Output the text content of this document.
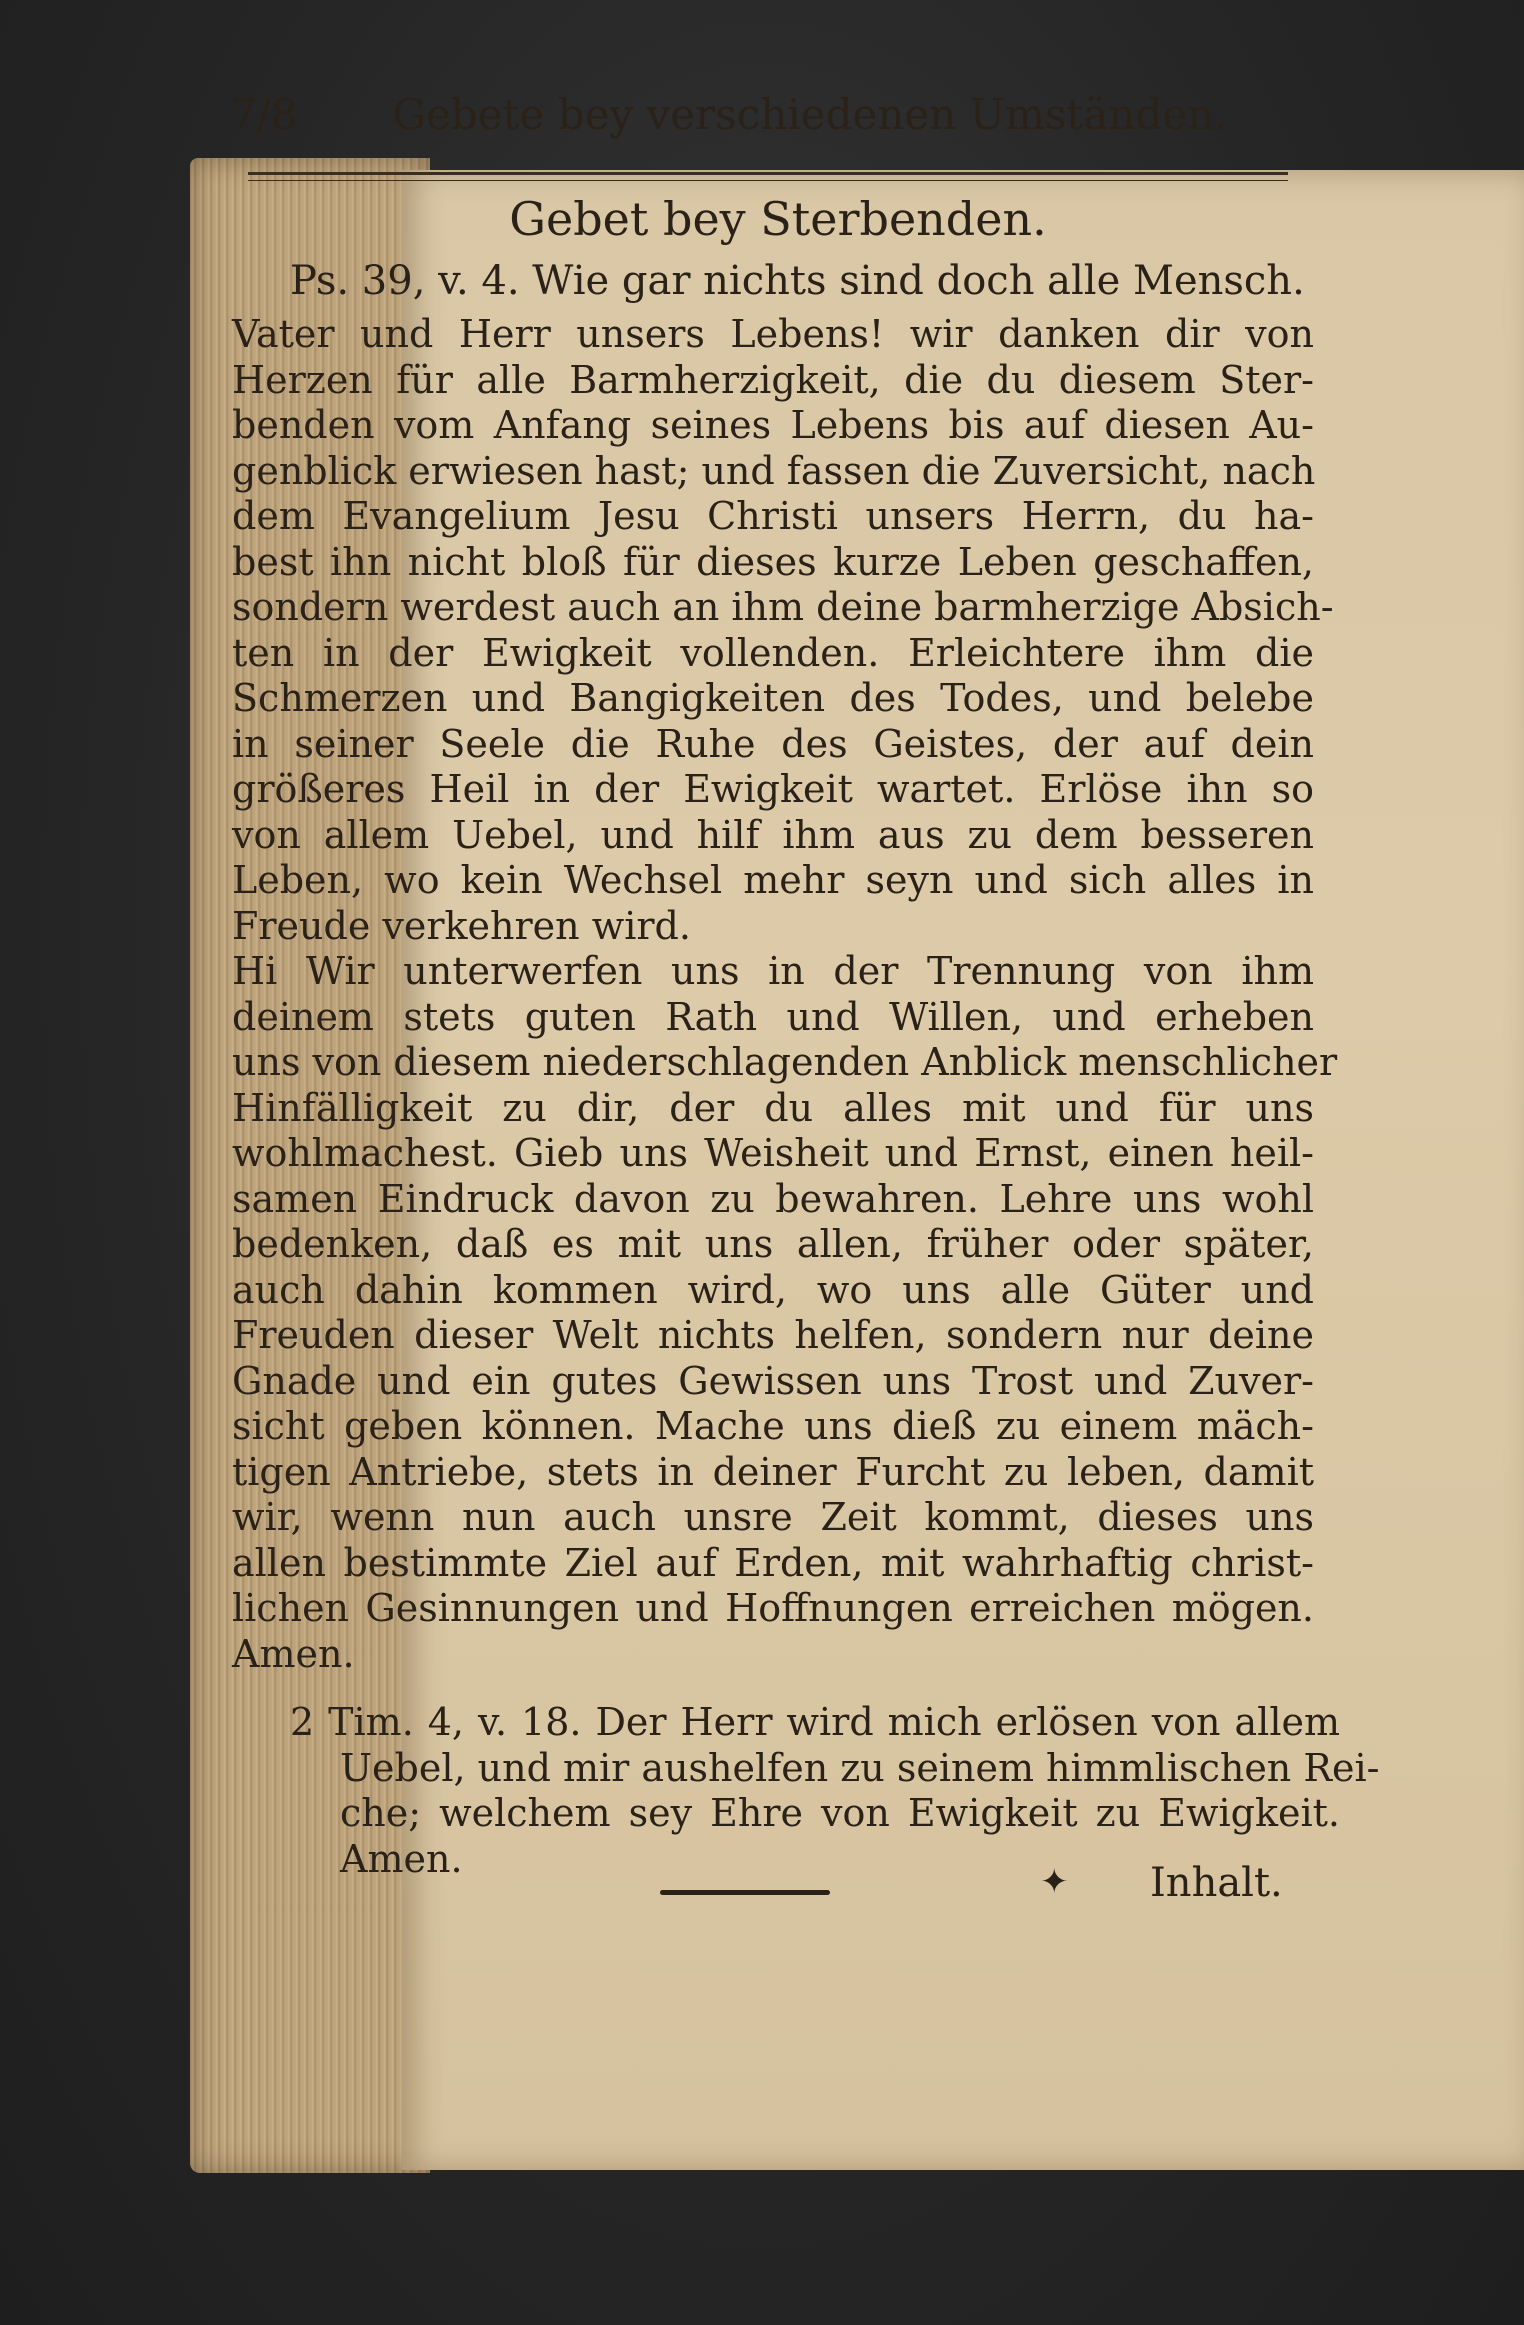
7/8	Gebete bey verschiedenen Umständen.
Gebet bey Sterbenden.
Ps. 39, v. 4. Wie gar nichts sind doch alle Mensch.
Vater und Herr unsers Lebens! wir danken dir von
Herzen für alle Barmherzigkeit, die du diesem Ster-
benden vom Anfang seines Lebens bis auf diesen Au-
genblick erwiesen hast; und fassen die Zuversicht, nach
dem Evangelium Jesu Christi unsers Herrn, du ha-
best ihn nicht bloß für dieses kurze Leben geschaffen,
sondern werdest auch an ihm deine barmherzige Absich-
ten in der Ewigkeit vollenden. Erleichtere ihm die
Schmerzen und Bangigkeiten des Todes, und belebe
in seiner Seele die Ruhe des Geistes, der auf dein
größeres Heil in der Ewigkeit wartet. Erlöse ihn so
von allem Uebel, und hilf ihm aus zu dem besseren
Leben, wo kein Wechsel mehr seyn und sich alles in
Freude verkehren wird.
Hi Wir unterwerfen uns in der Trennung von ihm
deinem stets guten Rath und Willen, und erheben
uns von diesem niederschlagenden Anblick menschlicher
Hinfälligkeit zu dir, der du alles mit und für uns
wohlmachest. Gieb uns Weisheit und Ernst, einen heil-
samen Eindruck davon zu bewahren. Lehre uns wohl
bedenken, daß es mit uns allen, früher oder später,
auch dahin kommen wird, wo uns alle Güter und
Freuden dieser Welt nichts helfen, sondern nur deine
Gnade und ein gutes Gewissen uns Trost und Zuver-
sicht geben können. Mache uns dieß zu einem mäch-
tigen Antriebe, stets in deiner Furcht zu leben, damit
wir, wenn nun auch unsre Zeit kommt, dieses uns
allen bestimmte Ziel auf Erden, mit wahrhaftig christ-
lichen Gesinnungen und Hoffnungen erreichen mögen.
Amen.
2 Tim. 4, v. 18. Der Herr wird mich erlösen von allem
Uebel, und mir aushelfen zu seinem himmlischen Rei-
che; welchem sey Ehre von Ewigkeit zu Ewigkeit.
Amen.
✦ Inhalt.
